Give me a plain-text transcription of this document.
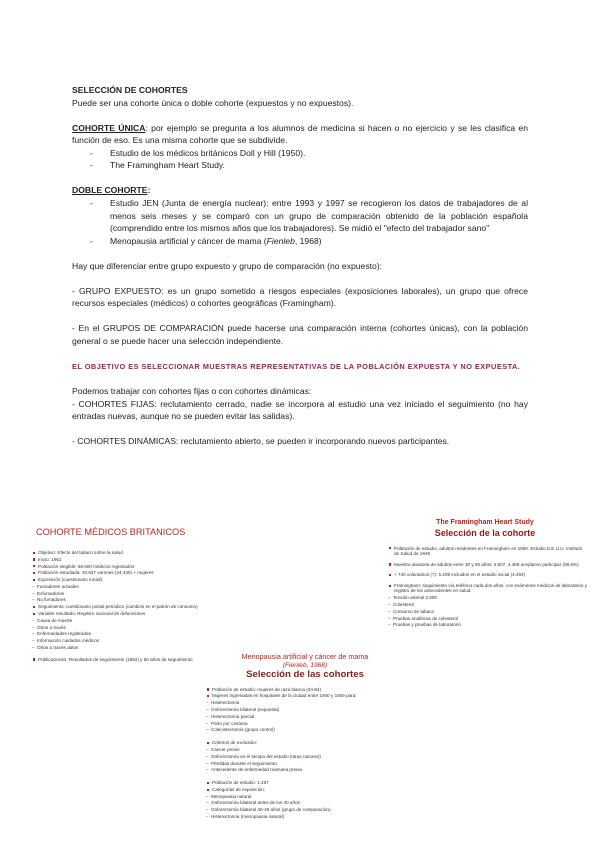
SELECCIÓN DE COHORTES

Puede ser una cohorte única o doble cohorte (expuestos y no expuestos).

COHORTE ÚNICA: por ejemplo se pregunta a los alumnos de medicina si hacen o no ejercicio y se les clasifica en función de eso. Es una misma cohorte que se subdivide.

- Estudio de los médicos británicos Doll y Hill (1950).
- The Framingham Heart Study.

DOBLE COHORTE:

- Estudio JEN (Junta de energía nuclear): entre 1993 y 1997 se recogieron los datos de trabajadores de al menos seis meses y se comparó con un grupo de comparación obtenido de la población española (comprendido entre los mismos años que los trabajadores). Se midió el "efecto del trabajador sano"
- Menopausia artificial y cáncer de mama (Fienleb, 1968)

Hay que diferenciar entre grupo expuesto y grupo de comparación (no expuesto):

- GRUPO EXPUESTO: es un grupo sometido a riesgos especiales (exposiciones laborales), un grupo que ofrece recursos especiales (médicos) o cohortes geográficas (Framingham).

- En el GRUPOS DE COMPARACIÓN puede hacerse una comparación interna (cohortes únicas), con la población general o se puede hacer una selección independiente.

EL OBJETIVO ES SELECCIONAR MUESTRAS REPRESENTATIVAS DE LA POBLACIÓN EXPUESTA Y NO EXPUESTA.

Podemos trabajar con cohortes fijas o con cohortes dinámicas:

- COHORTES FIJAS: reclutamiento cerrado, nadie se incorpora al estudio una vez iniciado el seguimiento (no hay entradas nuevas, aunque no se pueden evitar las salidas).

- COHORTES DINÁMICAS: reclutamiento abierto, se pueden ir incorporando nuevos participantes.

COHORTE MÉDICOS BRITANICOS
Objetivo: Efecto del tabaco sobre la salud
Inicio: 1951
Población elegible: 59.600 médicos registrados
Población estudiada: 40.637 varones (34.440) + mujeres
Exposición (cuestionario inicial):
– Fumadores actuales
– Exfumadores
– No fumadores
Seguimiento: cuestionario postal periódico (cambios en el patrón de consumo)
Variable resultado: Registro nacional de defunciones
– Causa de muerte
– Otros a través
– Enfermedades registradas
– Información cuidados médicos
– Otros a través datos
Publicaciones: Resultados de seguimiento (1954) y 50 años de seguimiento
The Framingham Heart Study
Selección de la cohorte
Población de estudio: adultos residentes en Framingham en 1950. Estudio E.E.U.U. Instituto de Salud de 1948
Muestra aleatoria de adultos entre 30 y 60 años: 5.507, 4.469 aceptaron participar (69,5%)
+ 740 voluntarios (?): 5.209 incluidos en el estudio inicial (4.494)
Framingham: seguimiento vía teléfono cada dos años, con exámenes médicos de laboratorio y registro de los antecedentes en salud:
– Tensión arterial 2.800
– Colesterol
– Consumo de tabaco
– Pruebas analíticas de colesterol
– Pruebas y pruebas de laboratorio
Menopausia artificial y cáncer de mama
(Fienleb, 1968)
Selección de las cohortes
Población de estudio: mujeres de raza blanca (34-84)
Mujeres ingresadas en hospitales de la ciudad entre 1940 y 1949 para:
– Histerectomía
– Ooforectomía bilateral (expuesta)
– Histerectomía parcial
– Parto por cesárea
– Colecistectomía (grupo control)
Criterios de exclusión:
– Cáncer previo
– Ooforectomía en el tiempo del estudio (otras razones)
– Pérdidas durante el seguimiento
– Antecedente de enfermedad mamaria previa
Población de estudio: 1.467
Categorías de exposición:
– Menopausia natural
– Ooforectomía bilateral antes de los 40 años
– Ooforectomía bilateral 40-49 años (grupo de comparación)
– Histerectomía (menopausia natural)
